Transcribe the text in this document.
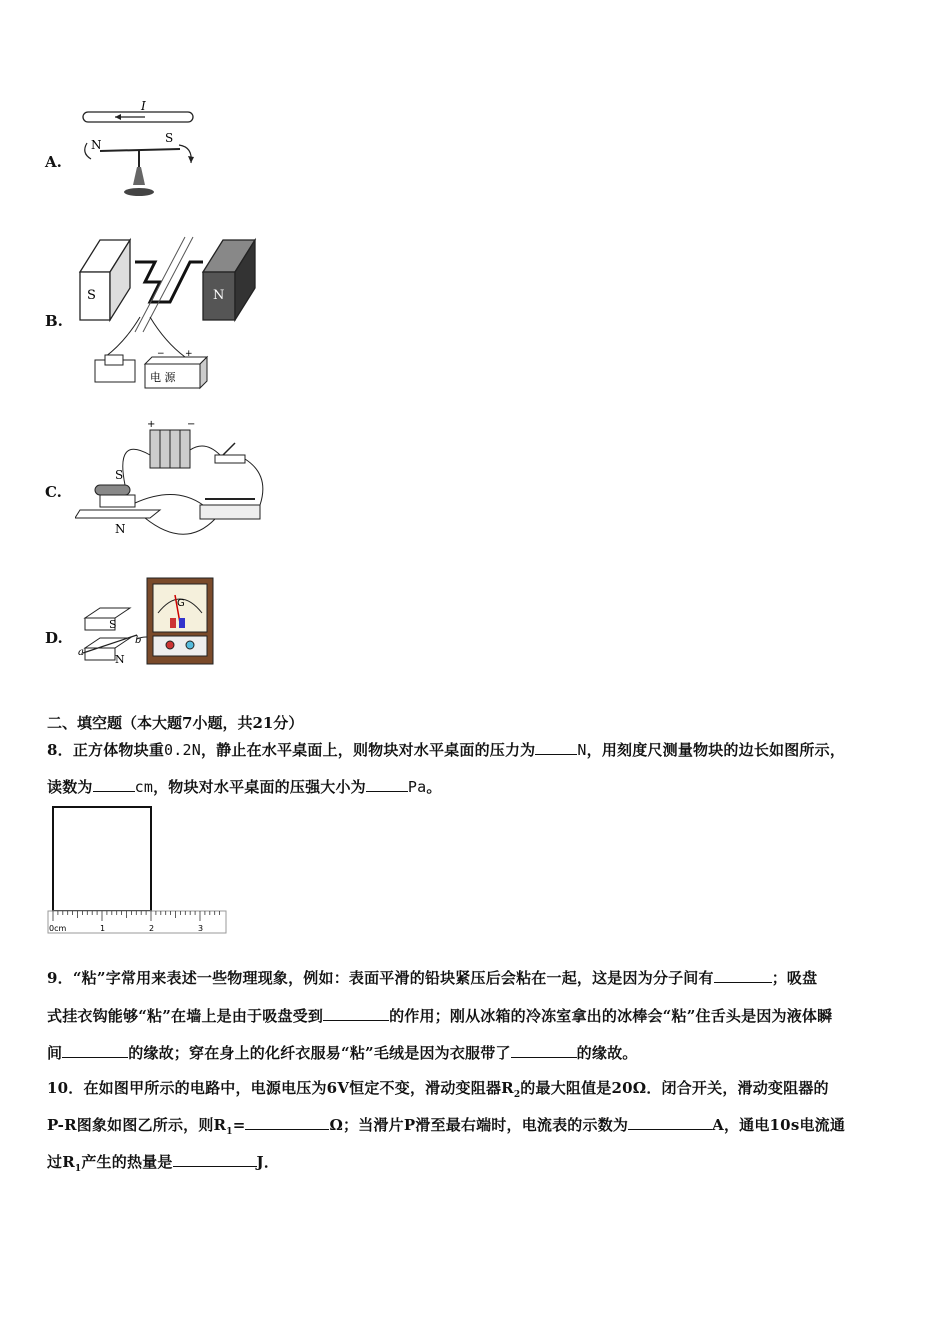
A.
I
N	S
B.
S	N
电 源
− +
C.
+	−
S
N
D.
S
N
a
b
G
二、填空题（本大题7小题，共21分）
8．正方体物块重0.2N，静止在水平桌面上，则物块对水平桌面的压力为	N，用刻度尺测量物块的边长如图所示，
读数为	cm，物块对水平桌面的压强大小为	Pa。
0cm	1	2	3
9．“粘”字常用来表述一些物理现象，例如：表面平滑的铅块紧压后会粘在一起，这是因为分子间有	；吸盘
式挂衣钩能够“粘”在墙上是由于吸盘受到	的作用；刚从冰箱的冷冻室拿出的冰棒会“粘”住舌头是因为液体瞬
间	的缘故；穿在身上的化纤衣服易“粘”毛绒是因为衣服带了	的缘故。
10．在如图甲所示的电路中，电源电压为6V恒定不变，滑动变阻器$R_2$的最大阻值是20Ω．闭合开关，滑动变阻器的
P-R图象如图乙所示，则$R_1=$	Ω；当滑片P滑至最右端时，电流表的示数为	A，通电10s电流通
过$R_1$产生的热量是	J．
